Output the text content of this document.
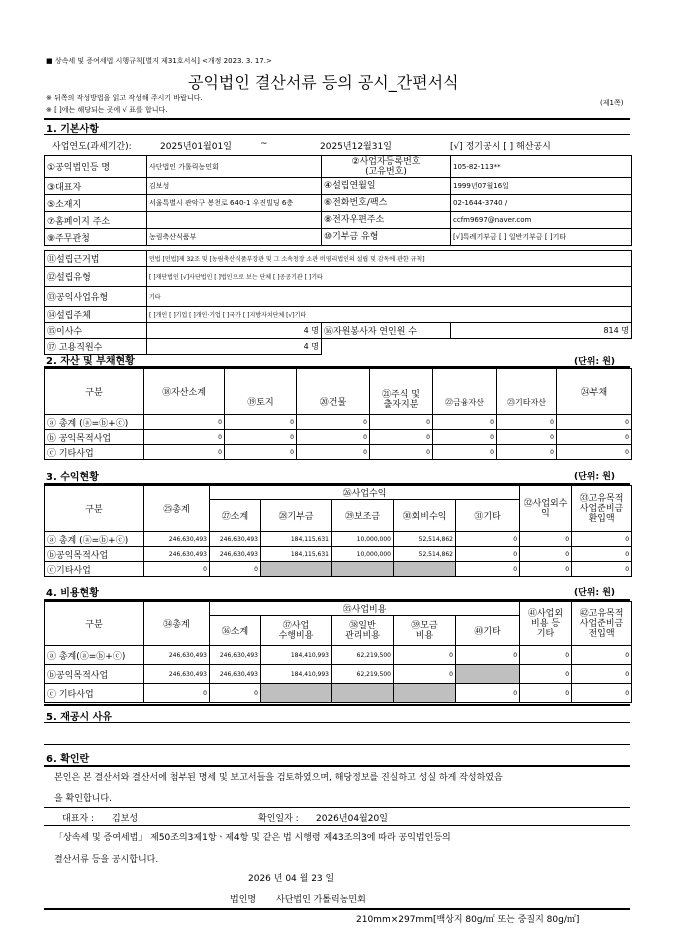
■ 상속세 및 증여세법 시행규칙[별지 제31호서식] <개정 2023. 3. 17.>
공익법인 결산서류 등의 공시_간편서식
※ 뒤쪽의 작성방법을 읽고 작성해 주시기 바랍니다.
※ [ ]에는 해당되는 곳에 √ 표를 합니다.
(제1쪽)
1. 기본사항
사업연도(과세기간):	2025년01월01일	~	2025년12월31일	[√] 정기공시 [ ] 해산공시
①공익법인등 명	사단법인 가톨릭농민회	②사업자등록번호
(고유번호)	105-82-113**
③대표자	김보성	④설립연월일	1999년07월16일
⑤소재지	서울특별시 관악구 봉천로 640-1 우진빌딩 6층	⑥전화번호/팩스	02-1644-3740 /
⑦홈페이지 주소		⑧전자우편주소	ccfm9697@naver.com
⑨주무관청	농림축산식품부	⑩기부금 유형	[√]특례기부금 [ ] 일반기부금 [ ]기타
⑪설립근거법	민법 [민법]제 32조 및 [농림축산식품부장관 및 그 소속청장 소관 비영리법인의 설립 및 감독에 관한 규칙]		
⑫설립유형	[ ]재단법인 [√]사단법인 [ ]법인으로 보는 단체 [ ]공공기관 [ ]기타		
⑬공익사업유형	기타		
⑭설립주체	[ ]개인 [ ]기업 [ ]개인·기업 [ ]국가 [ ]지방자치단체 [√]기타		
⑮이사수	4 명	⑯자원봉사자 연인원 수	814 명
⑰ 고용직원수	4 명		
2. 자산 및 부채현황	(단위: 원)
구분	⑱자산소계	⑲토지	⑳건물	㉑주식 및
출자지분	㉒금융자산	㉓기타자산	㉔부채
ⓐ 총계 (ⓐ=ⓑ+ⓒ)	0	0	0	0	0	0	0
ⓑ 공익목적사업	0	0	0	0	0	0	0
ⓒ 기타사업	0	0	0	0	0	0	0
3. 수익현황	(단위: 원)
구분	㉕총계	㉖사업수익					㉜사업외수익	㉝고유목적
사업준비금
환입액
		㉗소계	㉘기부금	㉙보조금	㉚회비수익	㉛기타		
ⓐ 총계 (ⓐ=ⓑ+ⓒ)	246,630,493	246,630,493	184,115,631	10,000,000	52,514,862	0	0	0
ⓑ공익목적사업	246,630,493	246,630,493	184,115,631	10,000,000	52,514,862	0	0	0
ⓒ기타사업	0	0				0	0	0
4. 비용현황	(단위: 원)
구분	㉞총계	㉟사업비용					㊶사업외
비용 등
기타	㊷고유목적
사업준비금
전입액
		㊱소계	㊲사업
수행비용	㊳일반
관리비용	㊴모금
비용	㊵기타		
ⓐ 총계(ⓐ=ⓑ+ⓒ)	246,630,493	246,630,493	184,410,993	62,219,500	0	0	0	0
ⓑ공익목적사업	246,630,493	246,630,493	184,410,993	62,219,500	0		0	0
ⓒ 기타사업	0	0				0	0	0
5. 재공시 사유
6. 확인란
본인은 본 결산서와 결산서에 첨부된 명세 및 보고서들을 검토하였으며, 해당정보를 진실하고 성실 하게 작성하였음
을 확인합니다.
대표자 : 김보성	확인일자 : 2026년04월20일
「상속세 및 증여세법」 제50조의3제1항ㆍ제4항 및 같은 법 시행령 제43조의3에 따라 공익법인등의
결산서류 등을 공시합니다.
2026 년 04 월 23 일
법인명 사단법인 가톨릭농민회
210mm×297mm[백상지 80g/㎡ 또는 중질지 80g/㎡]
